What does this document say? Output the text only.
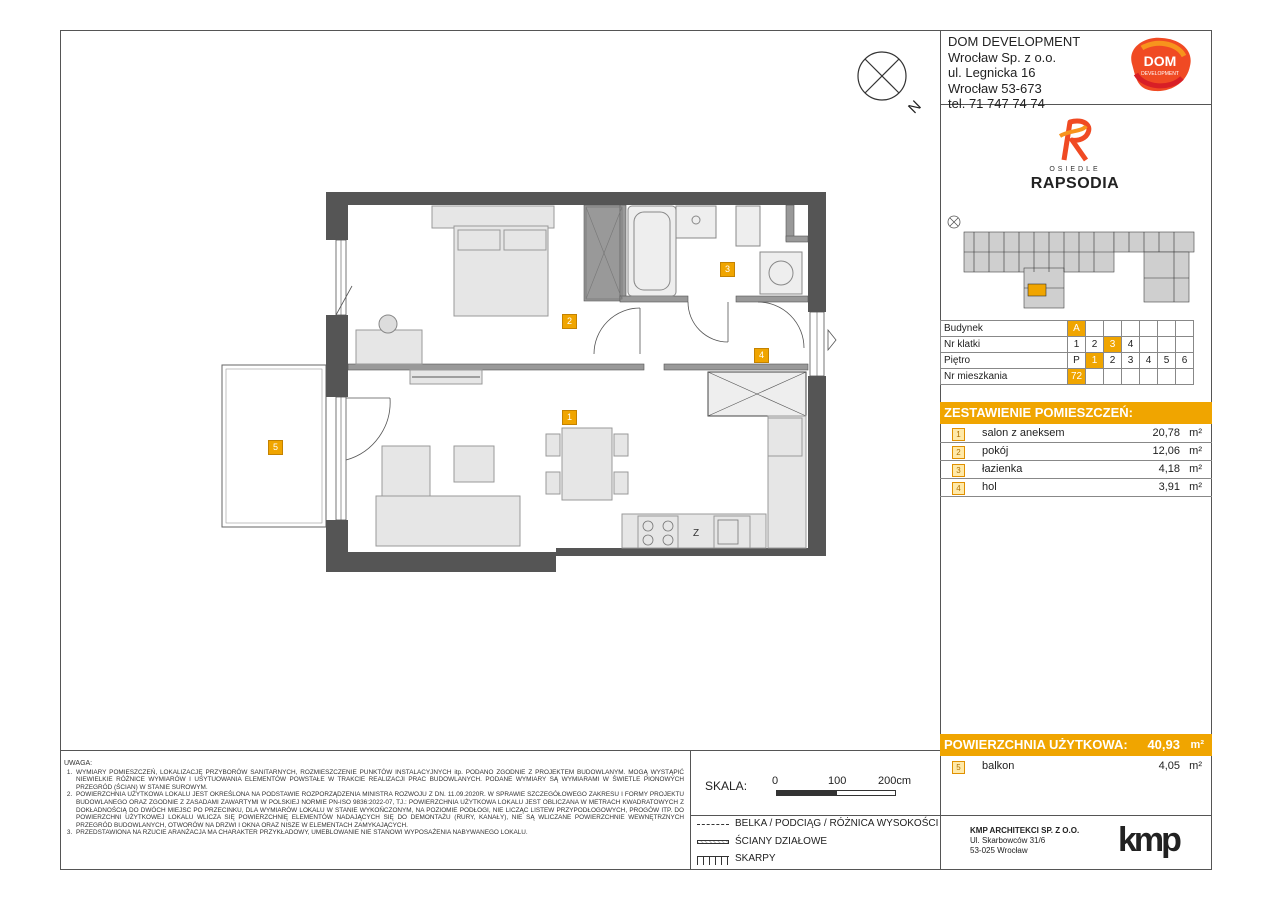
DOM DEVELOPMENT
Wrocław Sp. z o.o.
ul. Legnicka 16
Wrocław 53-673
tel. 71 747 74 74
DOM
DEVELOPMENT
N
OSIEDLE
RAPSODIA
Budynek	A						
Nr klatki	1	2	3	4			
Piętro	P	1	2	3	4	5	6
Nr mieszkania	72						
ZESTAWIENIE POMIESZCZEŃ:
1	salon z aneksem	20,78 m²
2	pokój	12,06 m²
3	łazienka	4,18 m²
4	hol	3,91 m²
POWIERZCHNIA UŻYTKOWA: 40,93 m²
5	balkon	4,05 m²
KMP ARCHITEKCI SP. Z O.O.
Ul. Skarbowców 31/6
53-025 Wrocław	kmp
UWAGA:
1. WYMIARY POMIESZCZEŃ, LOKALIZACJĘ PRZYBORÓW SANITARNYCH, ROZMIESZCZENIE PUNKTÓW INSTALACYJNYCH itp. PODANO ZGODNIE Z PROJEKTEM BUDOWLANYM. MOGĄ WYSTĄPIĆ NIEWIELKIE RÓŻNICE WYMIARÓW I USYTUOWANIA ELEMENTÓW POWSTAŁE W TRAKCIE REALIZACJI PRAC BUDOWLANYCH. PODANE WYMIARY SĄ WYMIARAMI W ŚWIETLE PIONOWYCH PRZEGRÓD (ŚCIAN) W STANIE SUROWYM.
2. POWIERZCHNIA UŻYTKOWA LOKALU JEST OKREŚLONA NA PODSTAWIE ROZPORZĄDZENIA MINISTRA ROZWOJU Z DN. 11.09.2020R. W SPRAWIE SZCZEGÓŁOWEGO ZAKRESU I FORMY PROJEKTU BUDOWLANEGO ORAZ ZGODNIE Z ZASADAMI ZAWARTYMI W POLSKIEJ NORMIE PN-ISO 9836:2022-07, TJ.: POWIERZCHNIA UŻYTKOWA LOKALU JEST OBLICZANA W METRACH KWADRATOWYCH Z DOKŁADNOŚCIĄ DO DWÓCH MIEJSC PO PRZECINKU, DLA WYMIARÓW LOKALU W STANIE WYKOŃCZONYM, NA POZIOMIE PODŁOGI, NIE LICZĄC LISTEW PRZYPODŁOGOWYCH, PROGÓW ITP. DO POWIERZCHNI UŻYTKOWEJ LOKALU WLICZA SIĘ POWIERZCHNIĘ ELEMENTÓW NADAJĄCYCH SIĘ DO DEMONTAŻU (RURY, KANAŁY), NIE SĄ WLICZANE POWIERZCHNIE WEWNĘTRZNYCH PRZEGRÓD BUDOWLANYCH, OTWORÓW NA DRZWI I OKNA ORAZ NISZE W ELEMENTACH ZAMYKAJĄCYCH.
3. PRZEDSTAWIONA NA RZUCIE ARANŻACJA MA CHARAKTER PRZYKŁADOWY, UMEBLOWANIE NIE STANOWI WYPOSAŻENIA NABYWANEGO LOKALU.
SKALA: 0	100	200cm
BELKA / PODCIĄG / RÓŻNICA WYSOKOŚCI
ŚCIANY DZIAŁOWE
SKARPY
Z
1
2
3
4
5
